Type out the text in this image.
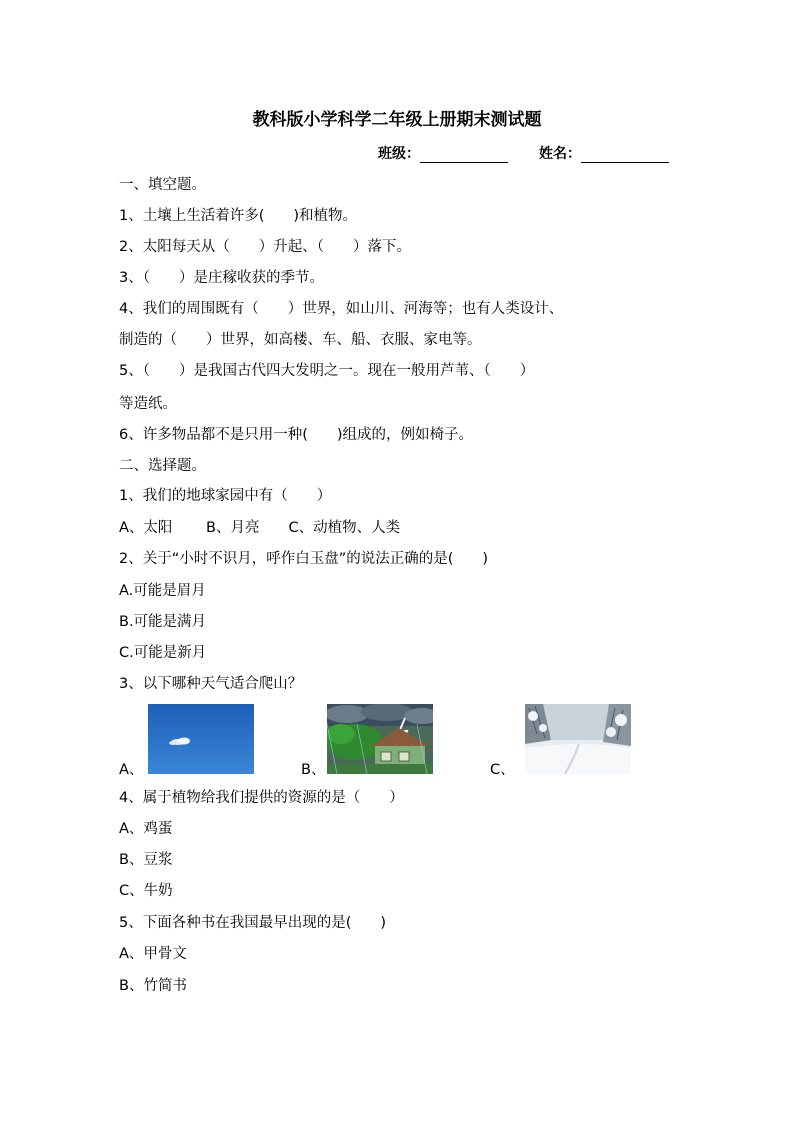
教科版小学科学二年级上册期末测试题
班级：	姓名：
一、填空题。
1、土壤上生活着许多(　　)和植物。
2、太阳每天从（　　）升起、（　　）落下。
3、（　　）是庄稼收获的季节。
4、我们的周围既有（　　）世界，如山川、河海等；也有人类设计、
制造的（　　）世界，如高楼、车、船、衣服、家电等。
5、（　　）是我国古代四大发明之一。现在一般用芦苇、（　　）
等造纸。
6、许多物品都不是只用一种(　　)组成的，例如椅子。
二、选择题。
1、我们的地球家园中有（　　）
A、太阳　　 B、月亮　　C、动植物、人类
2、关于“小时不识月，呼作白玉盘”的说法正确的是(　　)
A.可能是眉月
B.可能是满月
C.可能是新月
3、以下哪种天气适合爬山？
A、	B、	C、
4、属于植物给我们提供的资源的是（　　）
A、鸡蛋
B、豆浆
C、牛奶
5、下面各种书在我国最早出现的是(　　)
A、甲骨文
B、竹简书
